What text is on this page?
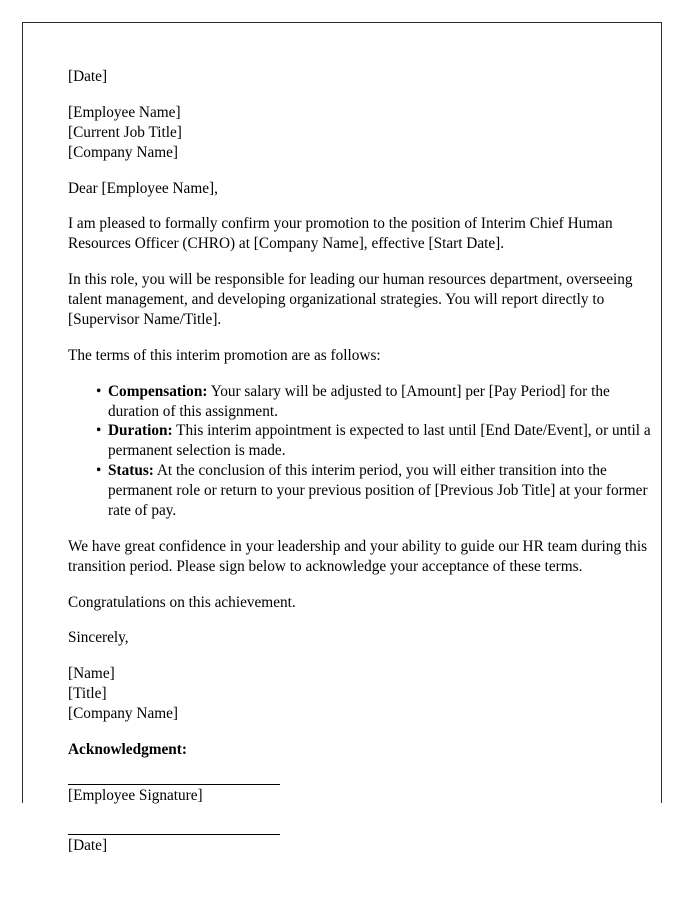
[Date]

[Employee Name]

[Current Job Title]

[Company Name]

Dear [Employee Name],

I am pleased to formally confirm your promotion to the position of Interim Chief Human Resources Officer (CHRO) at [Company Name], effective [Start Date].

In this role, you will be responsible for leading our human resources department, overseeing talent management, and developing organizational strategies. You will report directly to [Supervisor Name/Title].

The terms of this interim promotion are as follows:

• Compensation: Your salary will be adjusted to [Amount] per [Pay Period] for the duration of this assignment.
• Duration: This interim appointment is expected to last until [End Date/Event], or until a permanent selection is made.
• Status: At the conclusion of this interim period, you will either transition into the permanent role or return to your previous position of [Previous Job Title] at your former rate of pay.

We have great confidence in your leadership and your ability to guide our HR team during this transition period. Please sign below to acknowledge your acceptance of these terms.

Congratulations on this achievement.

Sincerely,

[Name]

[Title]

[Company Name]

Acknowledgment:

[Employee Signature]

[Date]
